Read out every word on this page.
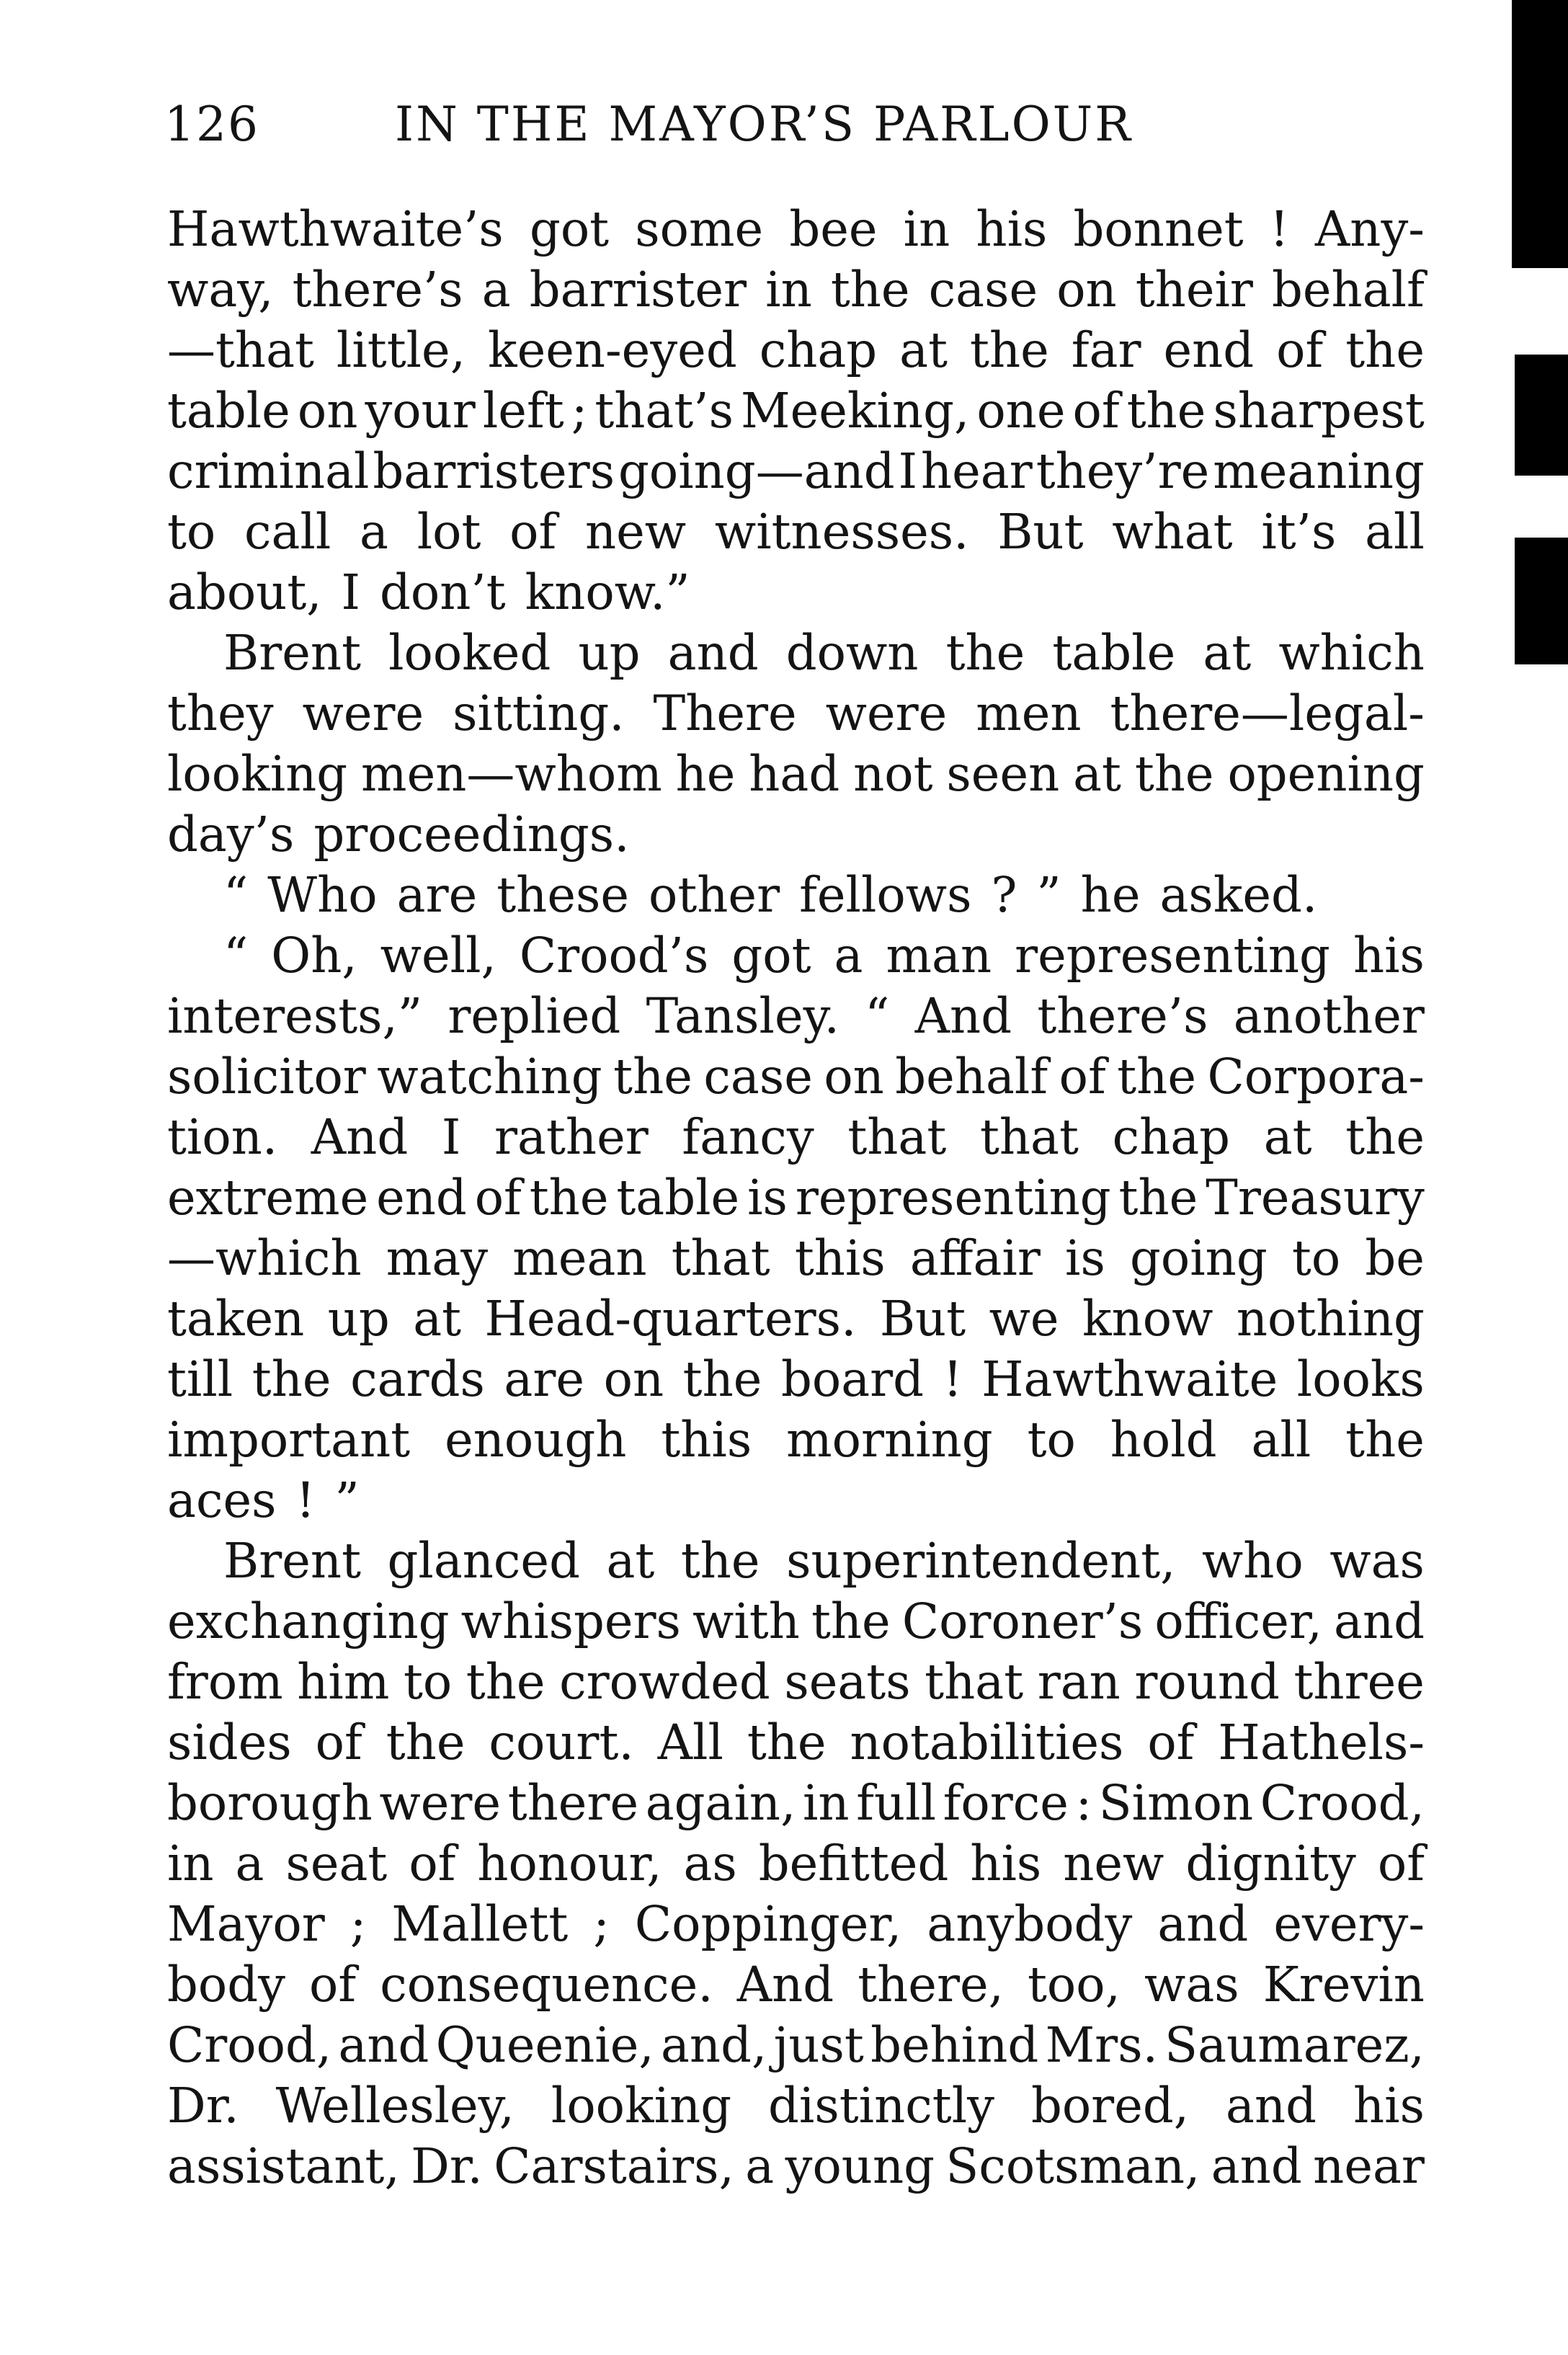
126	IN THE MAYOR’S PARLOUR
Hawthwaite’s got some bee in his bonnet ! Any-
way, there’s a barrister in the case on their behalf
—that little, keen-eyed chap at the far end of the
table on your left ; that’s Meeking, one of the sharpest
criminal barristers going—and I hear they’re meaning
to call a lot of new witnesses. But what it’s all
about, I don’t know.”
Brent looked up and down the table at which
they were sitting. There were men there—legal-
looking men—whom he had not seen at the opening
day’s proceedings.
“ Who are these other fellows ? ” he asked.
“ Oh, well, Crood’s got a man representing his
interests,” replied Tansley. “ And there’s another
solicitor watching the case on behalf of the Corpora-
tion. And I rather fancy that that chap at the
extreme end of the table is representing the Treasury
—which may mean that this affair is going to be
taken up at Head-quarters. But we know nothing
till the cards are on the board ! Hawthwaite looks
important enough this morning to hold all the
aces ! ”
Brent glanced at the superintendent, who was
exchanging whispers with the Coroner’s officer, and
from him to the crowded seats that ran round three
sides of the court. All the notabilities of Hathels-
borough were there again, in full force : Simon Crood,
in a seat of honour, as befitted his new dignity of
Mayor ; Mallett ; Coppinger, anybody and every-
body of consequence. And there, too, was Krevin
Crood, and Queenie, and, just behind Mrs. Saumarez,
Dr. Wellesley, looking distinctly bored, and his
assistant, Dr. Carstairs, a young Scotsman, and near
